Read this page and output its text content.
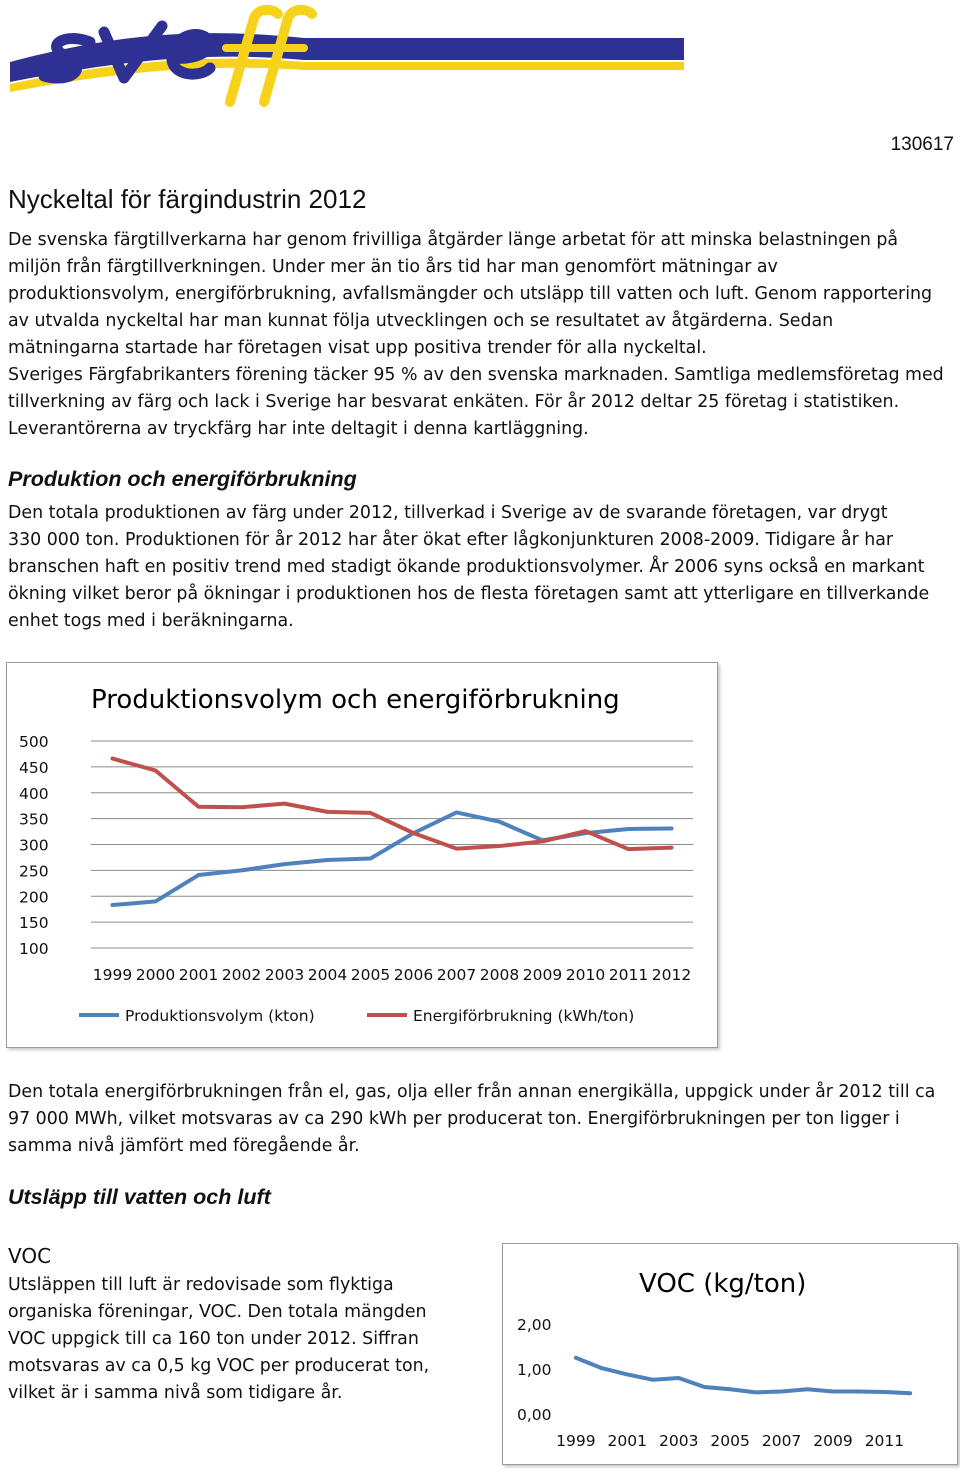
130617
Nyckeltal för färgindustrin 2012
De svenska färgtillverkarna har genom frivilliga åtgärder länge arbetat för att minska belastningen på
miljön från färgtillverkningen. Under mer än tio års tid har man genomfört mätningar av
produktionsvolym, energiförbrukning, avfallsmängder och utsläpp till vatten och luft. Genom rapportering
av utvalda nyckeltal har man kunnat följa utvecklingen och se resultatet av åtgärderna. Sedan
mätningarna startade har företagen visat upp positiva trender för alla nyckeltal.
Sveriges Färgfabrikanters förening täcker 95 % av den svenska marknaden. Samtliga medlemsföretag med
tillverkning av färg och lack i Sverige har besvarat enkäten. För år 2012 deltar 25 företag i statistiken.
Leverantörerna av tryckfärg har inte deltagit i denna kartläggning.
Produktion och energiförbrukning
Den totala produktionen av färg under 2012, tillverkad i Sverige av de svarande företagen, var drygt
330 000 ton. Produktionen för år 2012 har åter ökat efter lågkonjunkturen 2008-2009. Tidigare år har
branschen haft en positiv trend med stadigt ökande produktionsvolymer. År 2006 syns också en markant
ökning vilket beror på ökningar i produktionen hos de flesta företagen samt att ytterligare en tillverkande
enhet togs med i beräkningarna.
Produktionsvolym och energiförbrukning
500
450
400
350
300
250
200
150
100
1999 2000 2001 2002 2003 2004 2005 2006 2007 2008 2009 2010 2011 2012
Produktionsvolym (kton)	Energiförbrukning (kWh/ton)
Den totala energiförbrukningen från el, gas, olja eller från annan energikälla, uppgick under år 2012 till ca
97 000 MWh, vilket motsvaras av ca 290 kWh per producerat ton. Energiförbrukningen per ton ligger i
samma nivå jämfört med föregående år.
Utsläpp till vatten och luft
VOC
Utsläppen till luft är redovisade som flyktiga
organiska föreningar, VOC. Den totala mängden
VOC uppgick till ca 160 ton under 2012. Siffran
motsvaras av ca 0,5 kg VOC per producerat ton,
vilket är i samma nivå som tidigare år.
VOC (kg/ton)
2,00
1,00
0,00
1999 2001 2003 2005 2007 2009 2011
